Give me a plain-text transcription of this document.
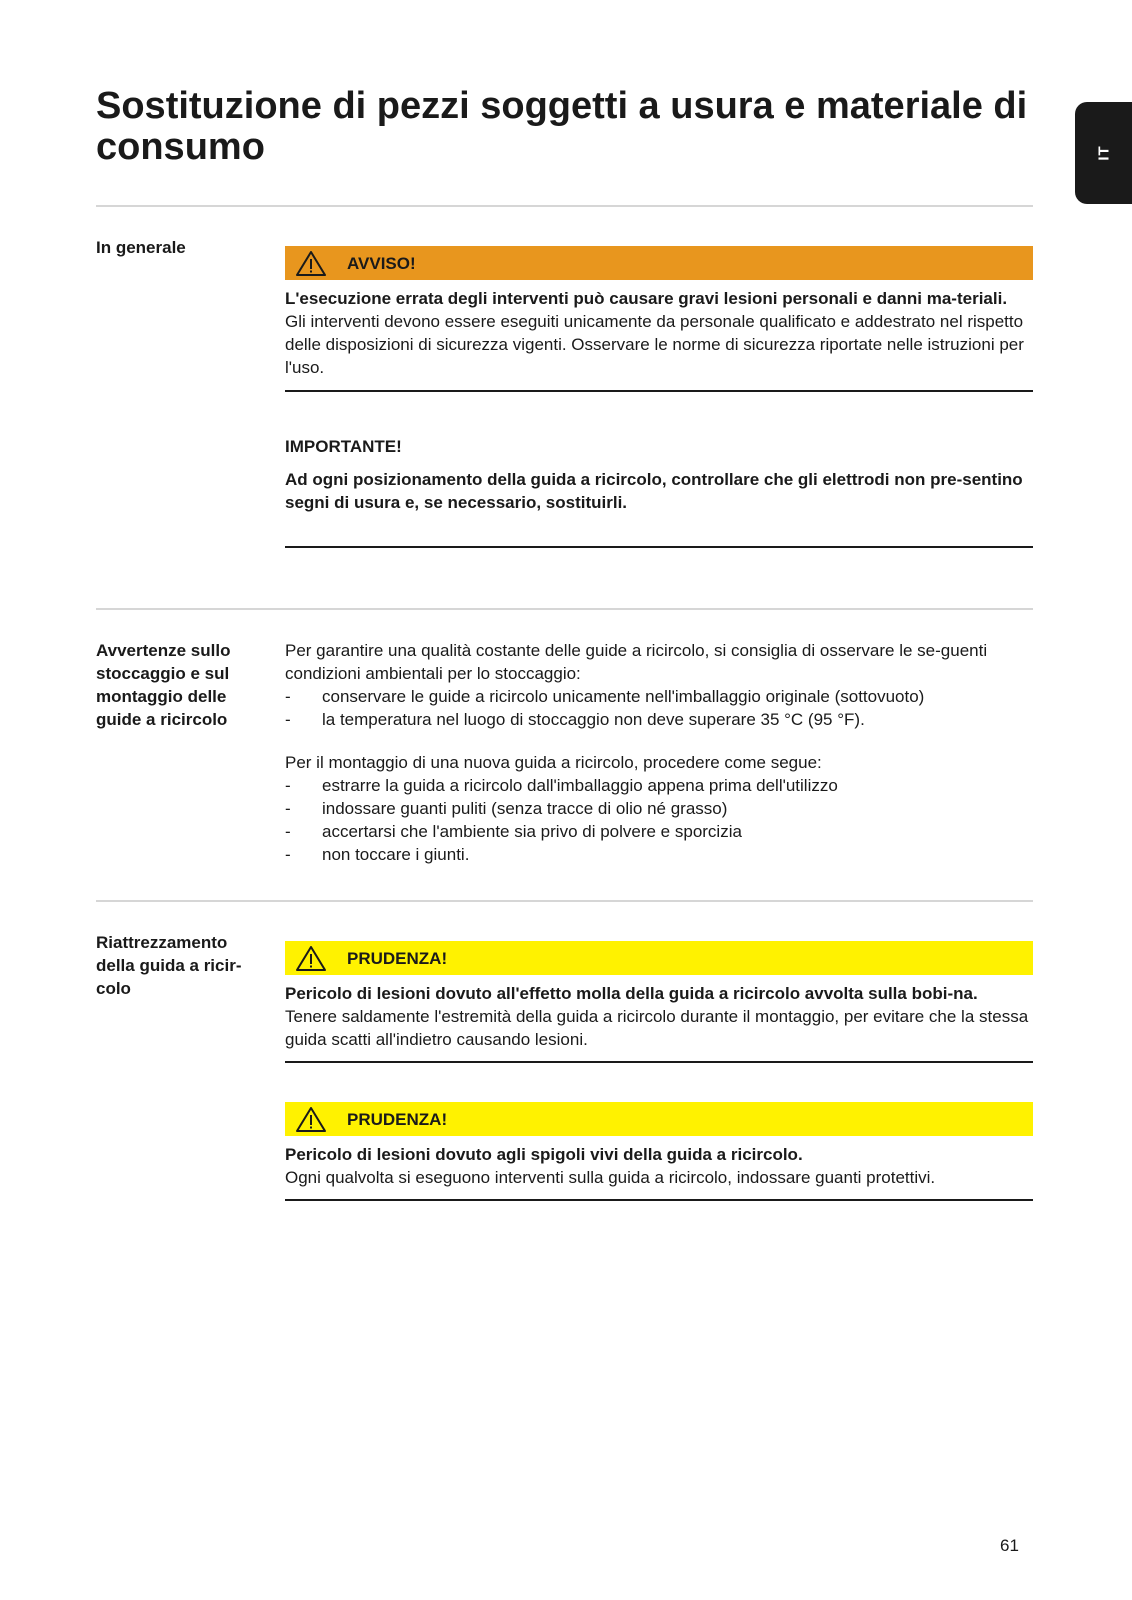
Sostituzione di pezzi soggetti a usura e materiale di consumo	IT
In generale
AVVISO!

L'esecuzione errata degli interventi può causare gravi lesioni personali e danni ma-teriali.

Gli interventi devono essere eseguiti unicamente da personale qualificato e addestrato nel rispetto delle disposizioni di sicurezza vigenti. Osservare le norme di sicurezza riportate nelle istruzioni per l'uso.

IMPORTANTE!

Ad ogni posizionamento della guida a ricircolo, controllare che gli elettrodi non pre-sentino segni di usura e, se necessario, sostituirli.

Avvertenze sullo stoccaggio e sul montaggio delle guide a ricircolo

Per garantire una qualità costante delle guide a ricircolo, si consiglia di osservare le se-guenti condizioni ambientali per lo stoccaggio:

- conservare le guide a ricircolo unicamente nell'imballaggio originale (sottovuoto)
- la temperatura nel luogo di stoccaggio non deve superare 35 °C (95 °F).

Per il montaggio di una nuova guida a ricircolo, procedere come segue:

- estrarre la guida a ricircolo dall'imballaggio appena prima dell'utilizzo
- indossare guanti puliti (senza tracce di olio né grasso)
- accertarsi che l'ambiente sia privo di polvere e sporcizia
- non toccare i giunti.
Riattrezzamento della guida a ricir-colo
PRUDENZA!

Pericolo di lesioni dovuto all'effetto molla della guida a ricircolo avvolta sulla bobi-na.

Tenere saldamente l'estremità della guida a ricircolo durante il montaggio, per evitare che la stessa guida scatti all'indietro causando lesioni.

PRUDENZA!

Pericolo di lesioni dovuto agli spigoli vivi della guida a ricircolo.

Ogni qualvolta si eseguono interventi sulla guida a ricircolo, indossare guanti protettivi.

61
